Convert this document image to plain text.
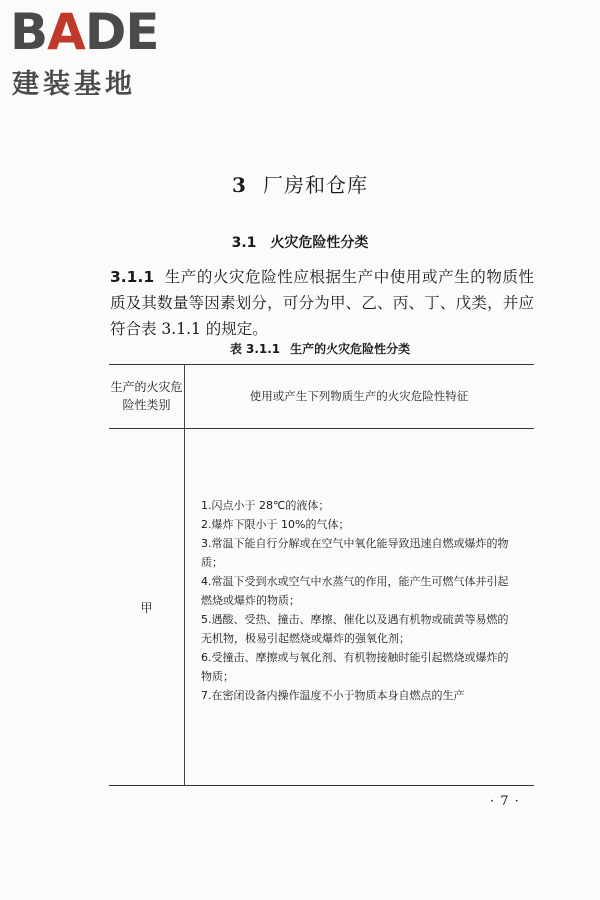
BADE
建装基地
3 厂房和仓库
3.1 火灾危险性分类
3.1.1 生产的火灾危险性应根据生产中使用或产生的物质性质及其数量等因素划分，可分为甲、乙、丙、丁、戊类，并应符合表 3.1.1 的规定。
表 3.1.1 生产的火灾危险性分类
生产的火灾危险性类别
使用或产生下列物质生产的火灾危险性特征
甲

1.闪点小于 28℃的液体；

2.爆炸下限小于 10%的气体；

3.常温下能自行分解或在空气中氧化能导致迅速自燃或爆炸的物质；

4.常温下受到水或空气中水蒸气的作用，能产生可燃气体并引起燃烧或爆炸的物质；

5.遇酸、受热、撞击、摩擦、催化以及遇有机物或硫黄等易燃的无机物，极易引起燃烧或爆炸的强氧化剂；

6.受撞击、摩擦或与氧化剂、有机物接触时能引起燃烧或爆炸的物质；

7.在密闭设备内操作温度不小于物质本身自燃点的生产

· 7 ·
